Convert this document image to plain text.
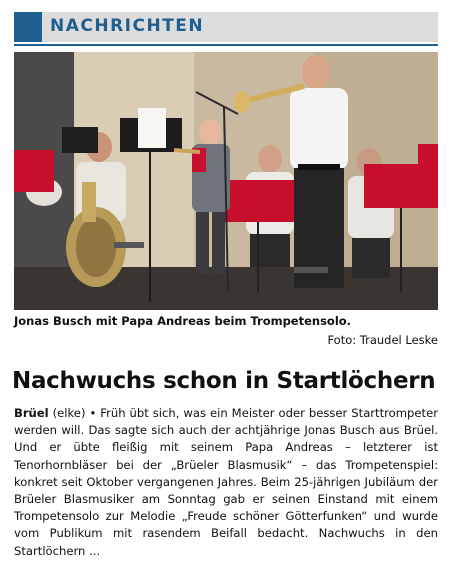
NACHRICHTEN
Jonas Busch mit Papa Andreas beim Trompetensolo.
Foto: Traudel Leske
Nachwuchs schon in Startlöchern
Brüel (elke) • Früh übt sich, was ein Meister oder besser Starttrompeter werden will. Das sagte sich auch der achtjährige Jonas Busch aus Brüel. Und er übte fleißig mit seinem Papa Andreas – letzterer ist Tenorhornbläser bei der „Brüeler Blasmusik“ – das Trompetenspiel: konkret seit Oktober vergangenen Jahres. Beim 25-jährigen Jubiläum der Brüeler Blasmusiker am Sonntag gab er seinen Einstand mit einem Trompetensolo zur Melodie „Freude schöner Götterfunken“ und wurde vom Publikum mit rasendem Beifall bedacht. Nachwuchs in den Startlöchern ...
